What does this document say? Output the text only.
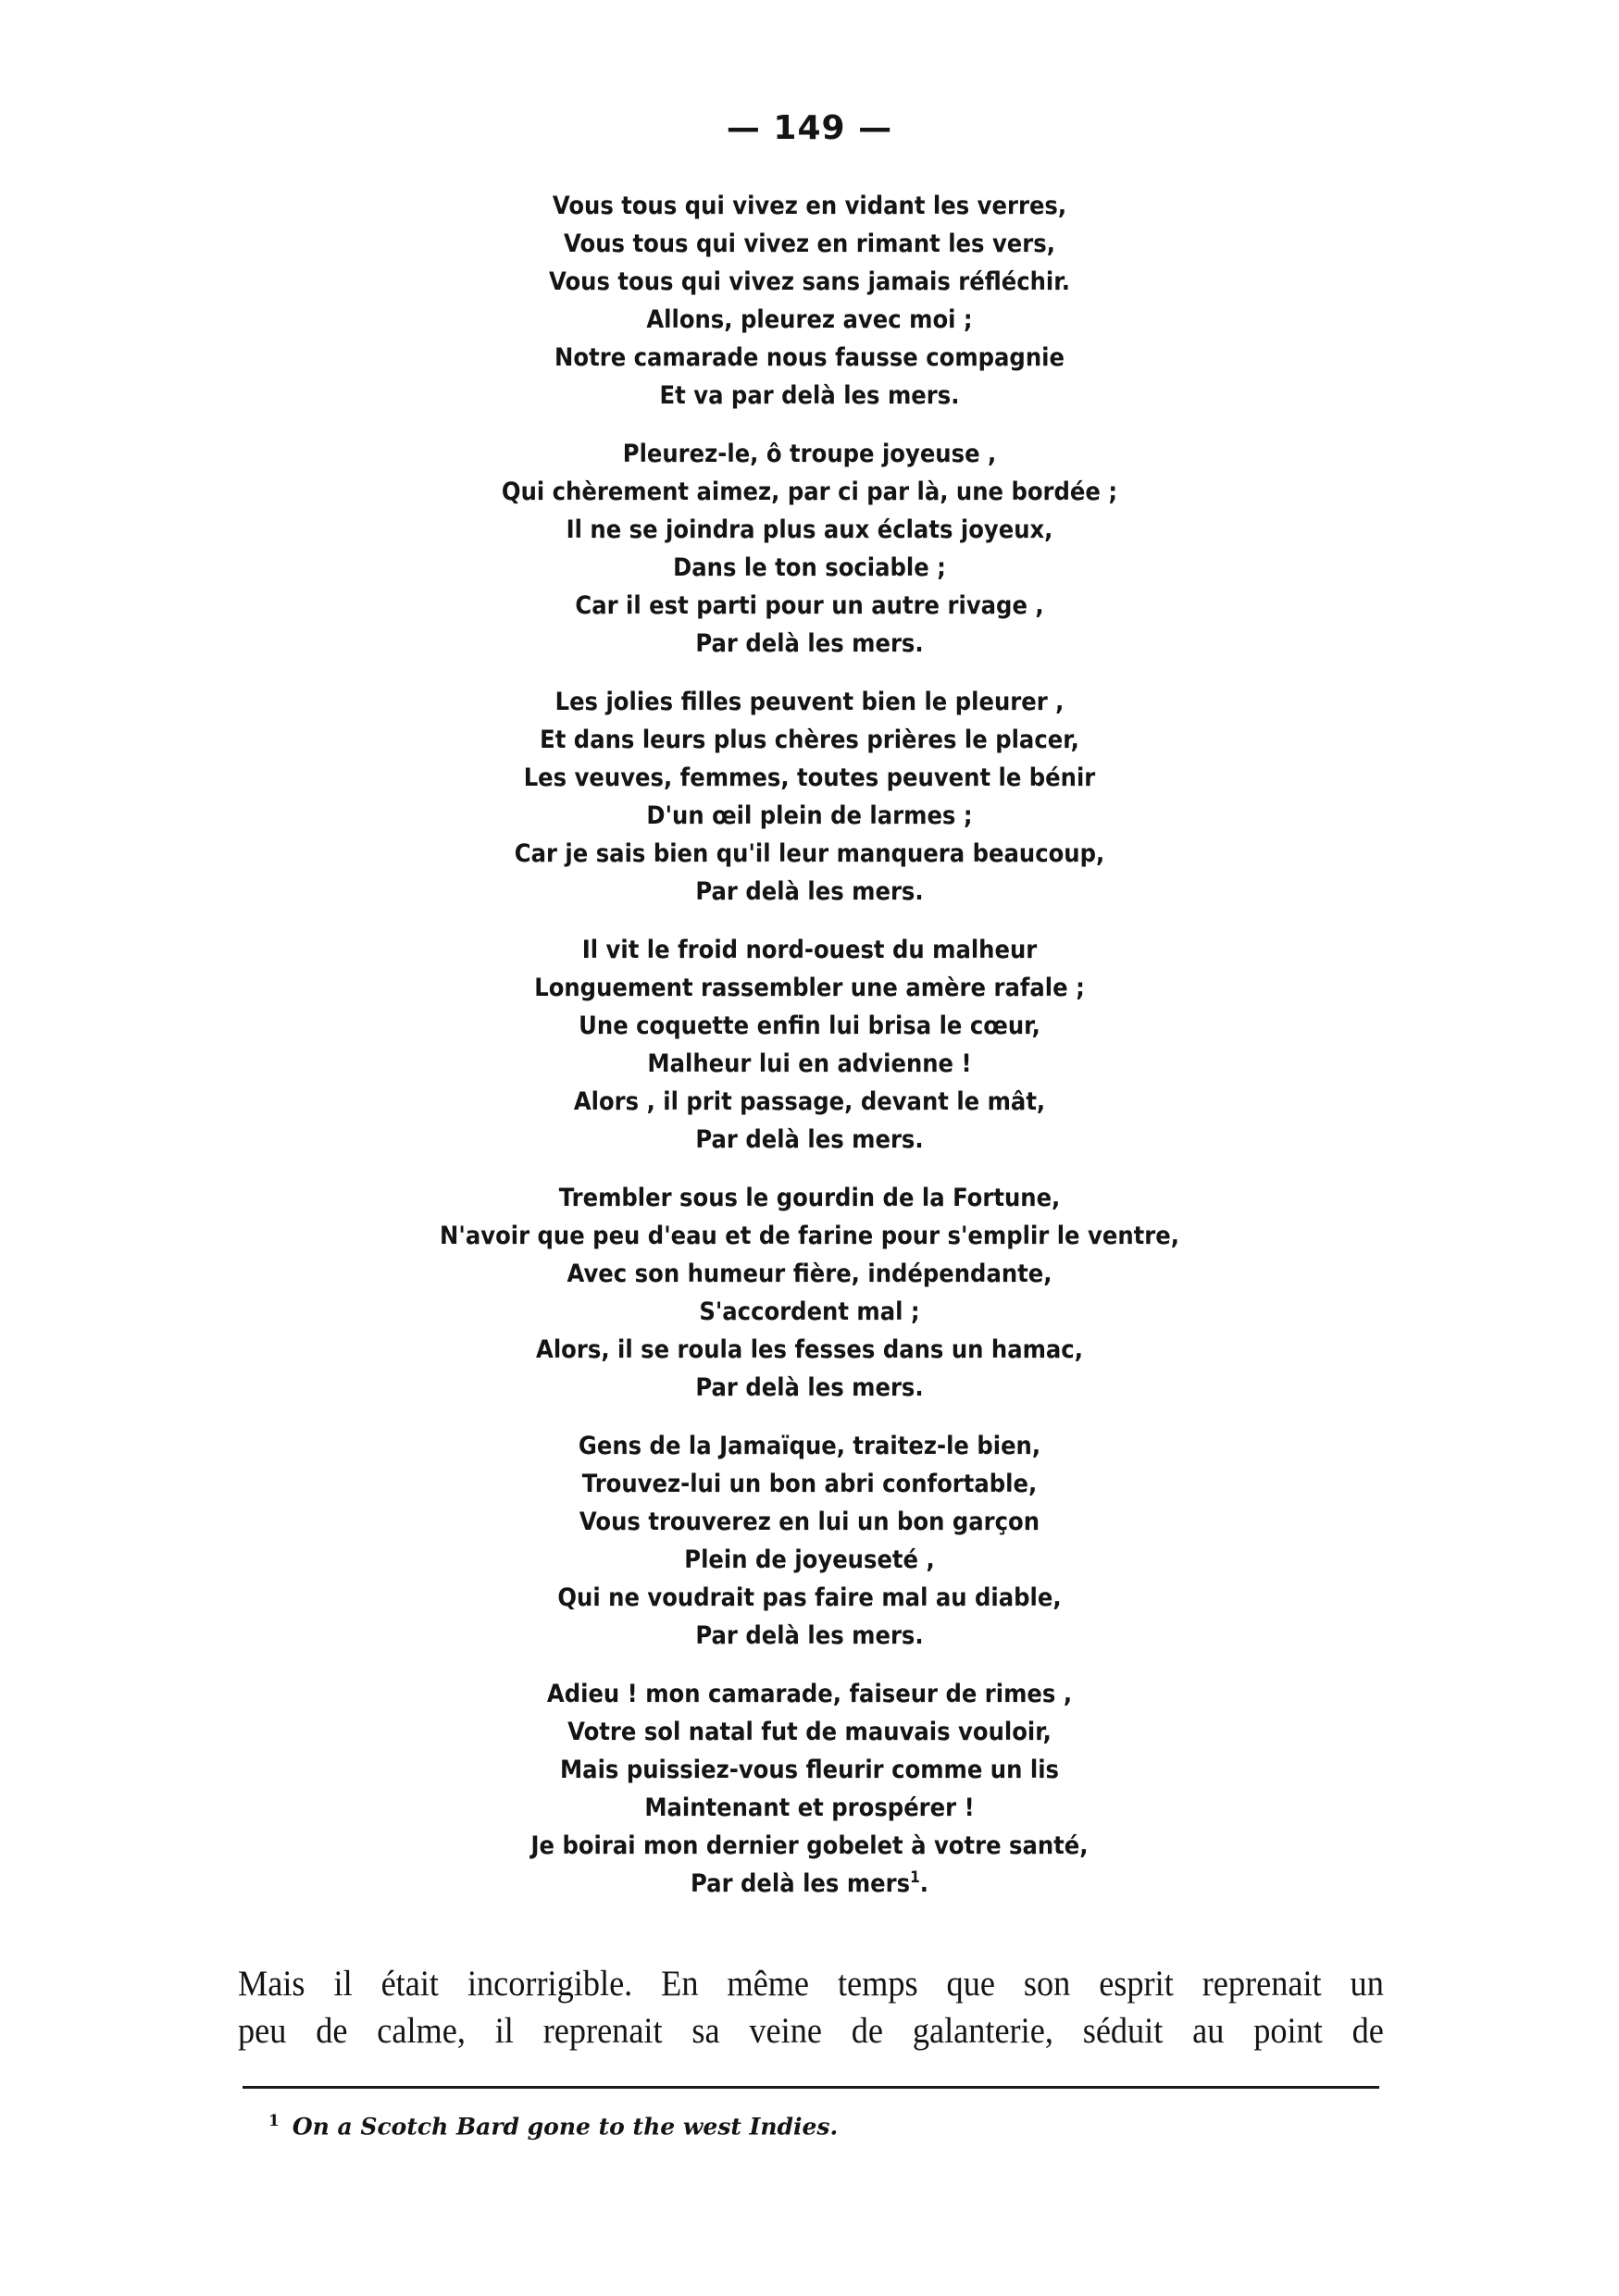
— 149 —
Vous tous qui vivez en vidant les verres,
Vous tous qui vivez en rimant les vers,
Vous tous qui vivez sans jamais réfléchir.
Allons, pleurez avec moi ;
Notre camarade nous fausse compagnie
Et va par delà les mers.
Pleurez-le, ô troupe joyeuse ,
Qui chèrement aimez, par ci par là, une bordée ;
Il ne se joindra plus aux éclats joyeux,
Dans le ton sociable ;
Car il est parti pour un autre rivage ,
Par delà les mers.
Les jolies filles peuvent bien le pleurer ,
Et dans leurs plus chères prières le placer,
Les veuves, femmes, toutes peuvent le bénir
D'un œil plein de larmes ;
Car je sais bien qu'il leur manquera beaucoup,
Par delà les mers.
Il vit le froid nord-ouest du malheur
Longuement rassembler une amère rafale ;
Une coquette enfin lui brisa le cœur,
Malheur lui en advienne !
Alors , il prit passage, devant le mât,
Par delà les mers.
Trembler sous le gourdin de la Fortune,
N'avoir que peu d'eau et de farine pour s'emplir le ventre,
Avec son humeur fière, indépendante,
S'accordent mal ;
Alors, il se roula les fesses dans un hamac,
Par delà les mers.
Gens de la Jamaïque, traitez-le bien,
Trouvez-lui un bon abri confortable,
Vous trouverez en lui un bon garçon
Plein de joyeuseté ,
Qui ne voudrait pas faire mal au diable,
Par delà les mers.
Adieu ! mon camarade, faiseur de rimes ,
Votre sol natal fut de mauvais vouloir,
Mais puissiez-vous fleurir comme un lis
Maintenant et prospérer !
Je boirai mon dernier gobelet à votre santé,
Par delà les mers$^1$.
Mais il était incorrigible. En même temps que son esprit reprenait un
peu de calme, il reprenait sa veine de galanterie, séduit au point de
$^1$ On a Scotch Bard gone to the west Indies.
